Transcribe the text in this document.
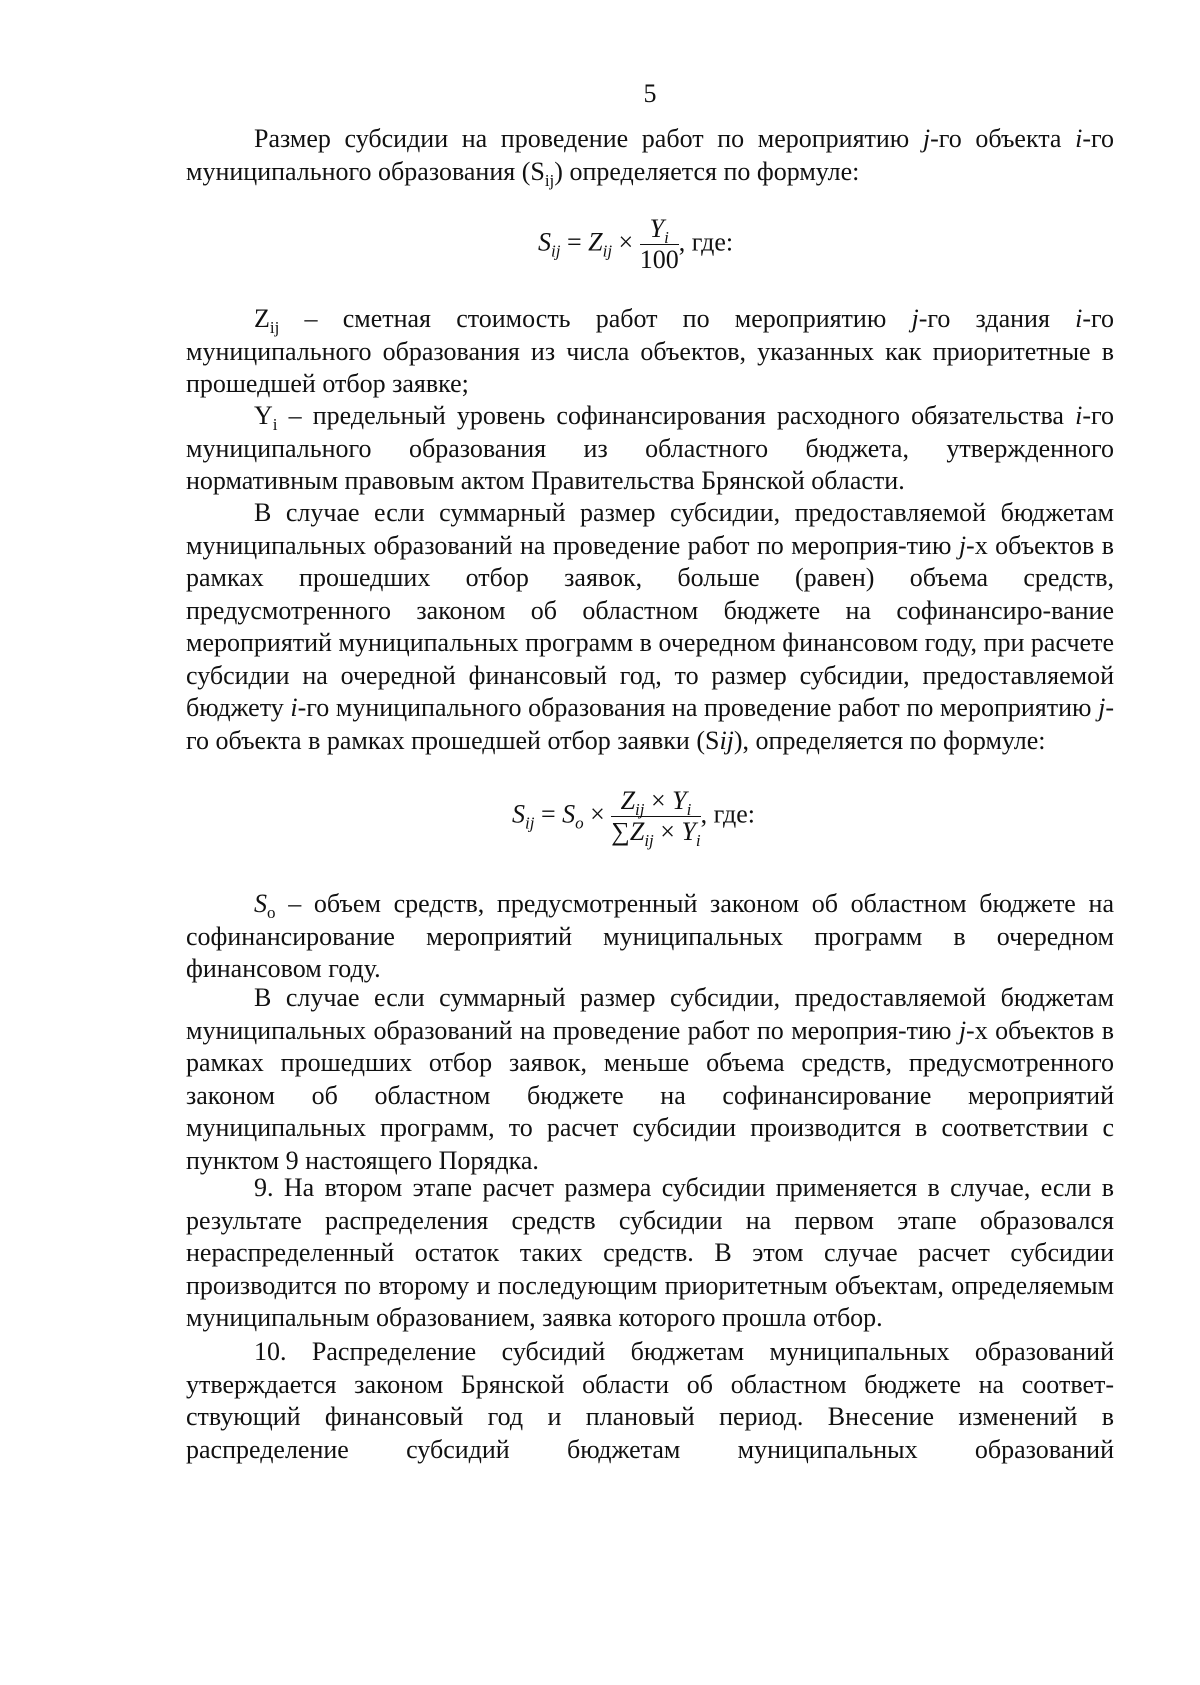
5

Размер субсидии на проведение работ по мероприятию j-го объекта i-го муниципального образования $(S_{ij})$ определяется по формуле:

$S_{ij} = Z_{ij} \times \frac{Y_i}{100}$ , где:

$Z_{ij}$ – сметная стоимость работ по мероприятию j-го здания i-го муниципального образования из числа объектов, указанных как приоритетные в прошедшей отбор заявке;

$Y_i$ – предельный уровень софинансирования расходного обязательства i-го муниципального образования из областного бюджета, утвержденного нормативным правовым актом Правительства Брянской области.

В случае если суммарный размер субсидии, предоставляемой бюджетам муниципальных образований на проведение работ по мероприя-тию j-х объектов в рамках прошедших отбор заявок, больше (равен) объема средств, предусмотренного законом об областном бюджете на софинансиро-вание мероприятий муниципальных программ в очередном финансовом году, при расчете субсидии на очередной финансовый год, то размер субсидии, предоставляемой бюджету i-го муниципального образования на проведение работ по мероприятию j-го объекта в рамках прошедшей отбор заявки (Sij), определяется по формуле:

$S_{ij} = S_o \times \frac{Z_{ij} \times Y_i}{\sum Z_{ij} \times Y_i}$ , где:

$S_o$ – объем средств, предусмотренный законом об областном бюджете на софинансирование мероприятий муниципальных программ в очередном финансовом году.

В случае если суммарный размер субсидии, предоставляемой бюджетам муниципальных образований на проведение работ по мероприя-тию j-х объектов в рамках прошедших отбор заявок, меньше объема средств, предусмотренного законом об областном бюджете на софинансирование мероприятий муниципальных программ, то расчет субсидии производится в соответствии с пунктом 9 настоящего Порядка.

9. На втором этапе расчет размера субсидии применяется в случае, если в результате распределения средств субсидии на первом этапе образовался нераспределенный остаток таких средств. В этом случае расчет субсидии производится по второму и последующим приоритетным объектам, определяемым муниципальным образованием, заявка которого прошла отбор.

10. Распределение субсидий бюджетам муниципальных образований утверждается законом Брянской области об областном бюджете на соответ-ствующий финансовый год и плановый период. Внесение изменений в распределение субсидий бюджетам муниципальных образований
